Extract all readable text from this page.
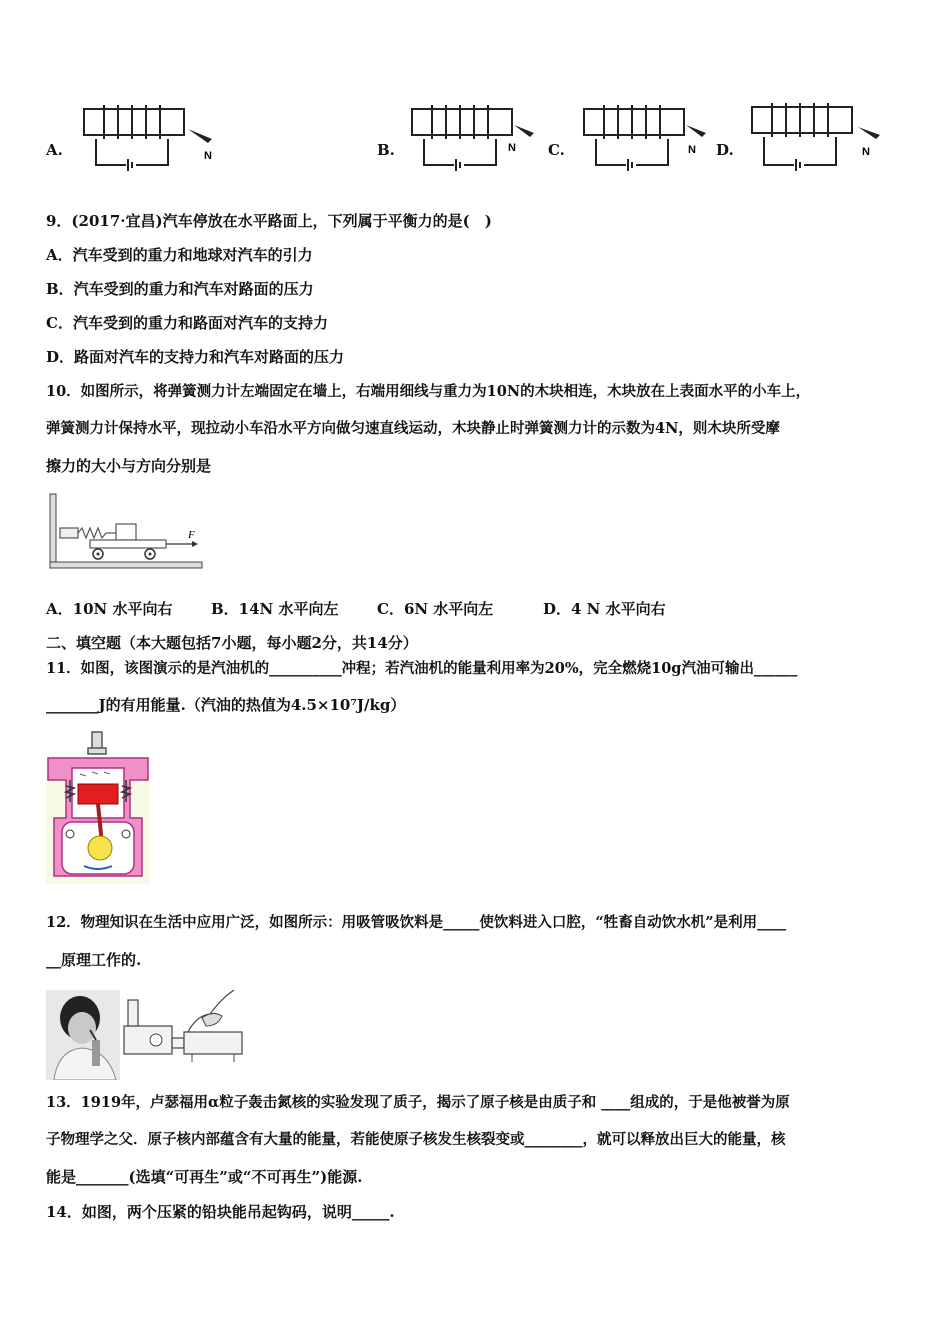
A.	N	B.	N C.	N D.	N
9．(2017·宜昌)汽车停放在水平路面上，下列属于平衡力的是(　)
A．汽车受到的重力和地球对汽车的引力
B．汽车受到的重力和汽车对路面的压力
C．汽车受到的重力和路面对汽车的支持力
D．路面对汽车的支持力和汽车对路面的压力
10．如图所示，将弹簧测力计左端固定在墙上，右端用细线与重力为10N的木块相连，木块放在上表面水平的小车上，
弹簧测力计保持水平，现拉动小车沿水平方向做匀速直线运动，木块静止时弹簧测力计的示数为4N，则木块所受摩
擦力的大小与方向分别是
F
A．10N 水平向右	B．14N 水平向左	C．6N 水平向左	D．4 N 水平向右
二、填空题（本大题包括7小题，每小题2分，共14分）
11．如图，该图演示的是汽油机的__________冲程；若汽油机的能量利用率为20%，完全燃烧10g汽油可输出______
_______J的有用能量.（汽油的热值为4.5×10⁷J/kg）
12．物理知识在生活中应用广泛，如图所示：用吸管吸饮料是_____使饮料进入口腔，“牲畜自动饮水机”是利用____
__原理工作的.
13．1919年，卢瑟福用α粒子轰击氮核的实验发现了质子，揭示了原子核是由质子和 ____组成的，于是他被誉为原
子物理学之父．原子核内部蕴含有大量的能量，若能使原子核发生核裂变或________，就可以释放出巨大的能量，核
能是_______(选填“可再生”或“不可再生”)能源.
14．如图，两个压紧的铅块能吊起钩码，说明_____.
